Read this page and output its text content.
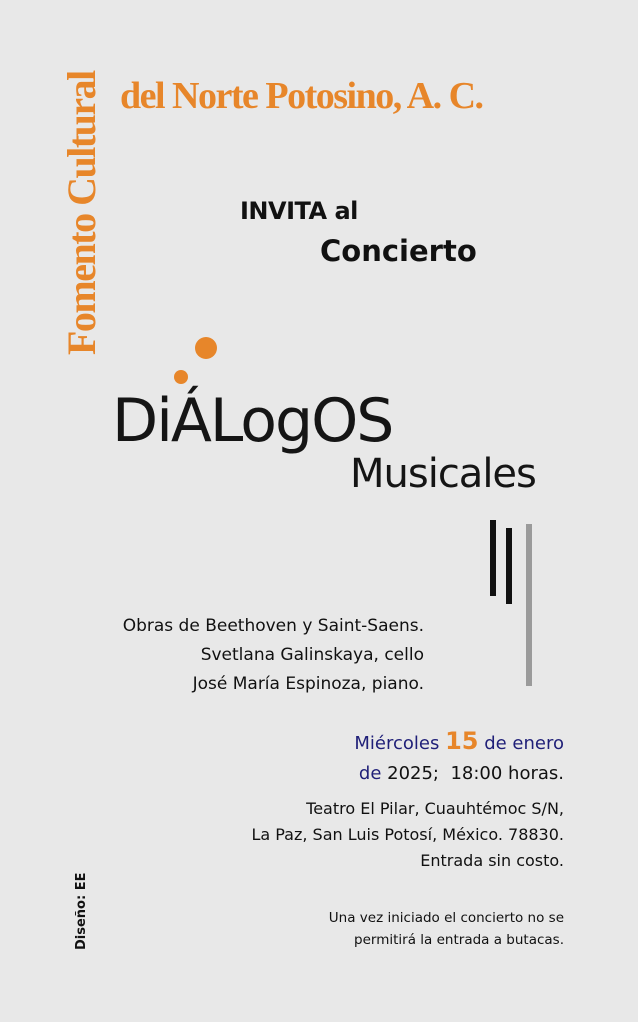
Fomento Cultural del Norte Potosino, A. C.
INVITA al
Concierto
DiÁLogOS
Musicales
Obras de Beethoven y Saint-Saens.
Svetlana Galinskaya, cello
José María Espinoza, piano.
Miércoles 15 de enero
de 2025; 18:00 horas.
Teatro El Pilar, Cuauhtémoc S/N,
La Paz, San Luis Potosí, México. 78830.
Entrada sin costo.
Una vez iniciado el concierto no se
permitirá la entrada a butacas.
Diseño: EE
